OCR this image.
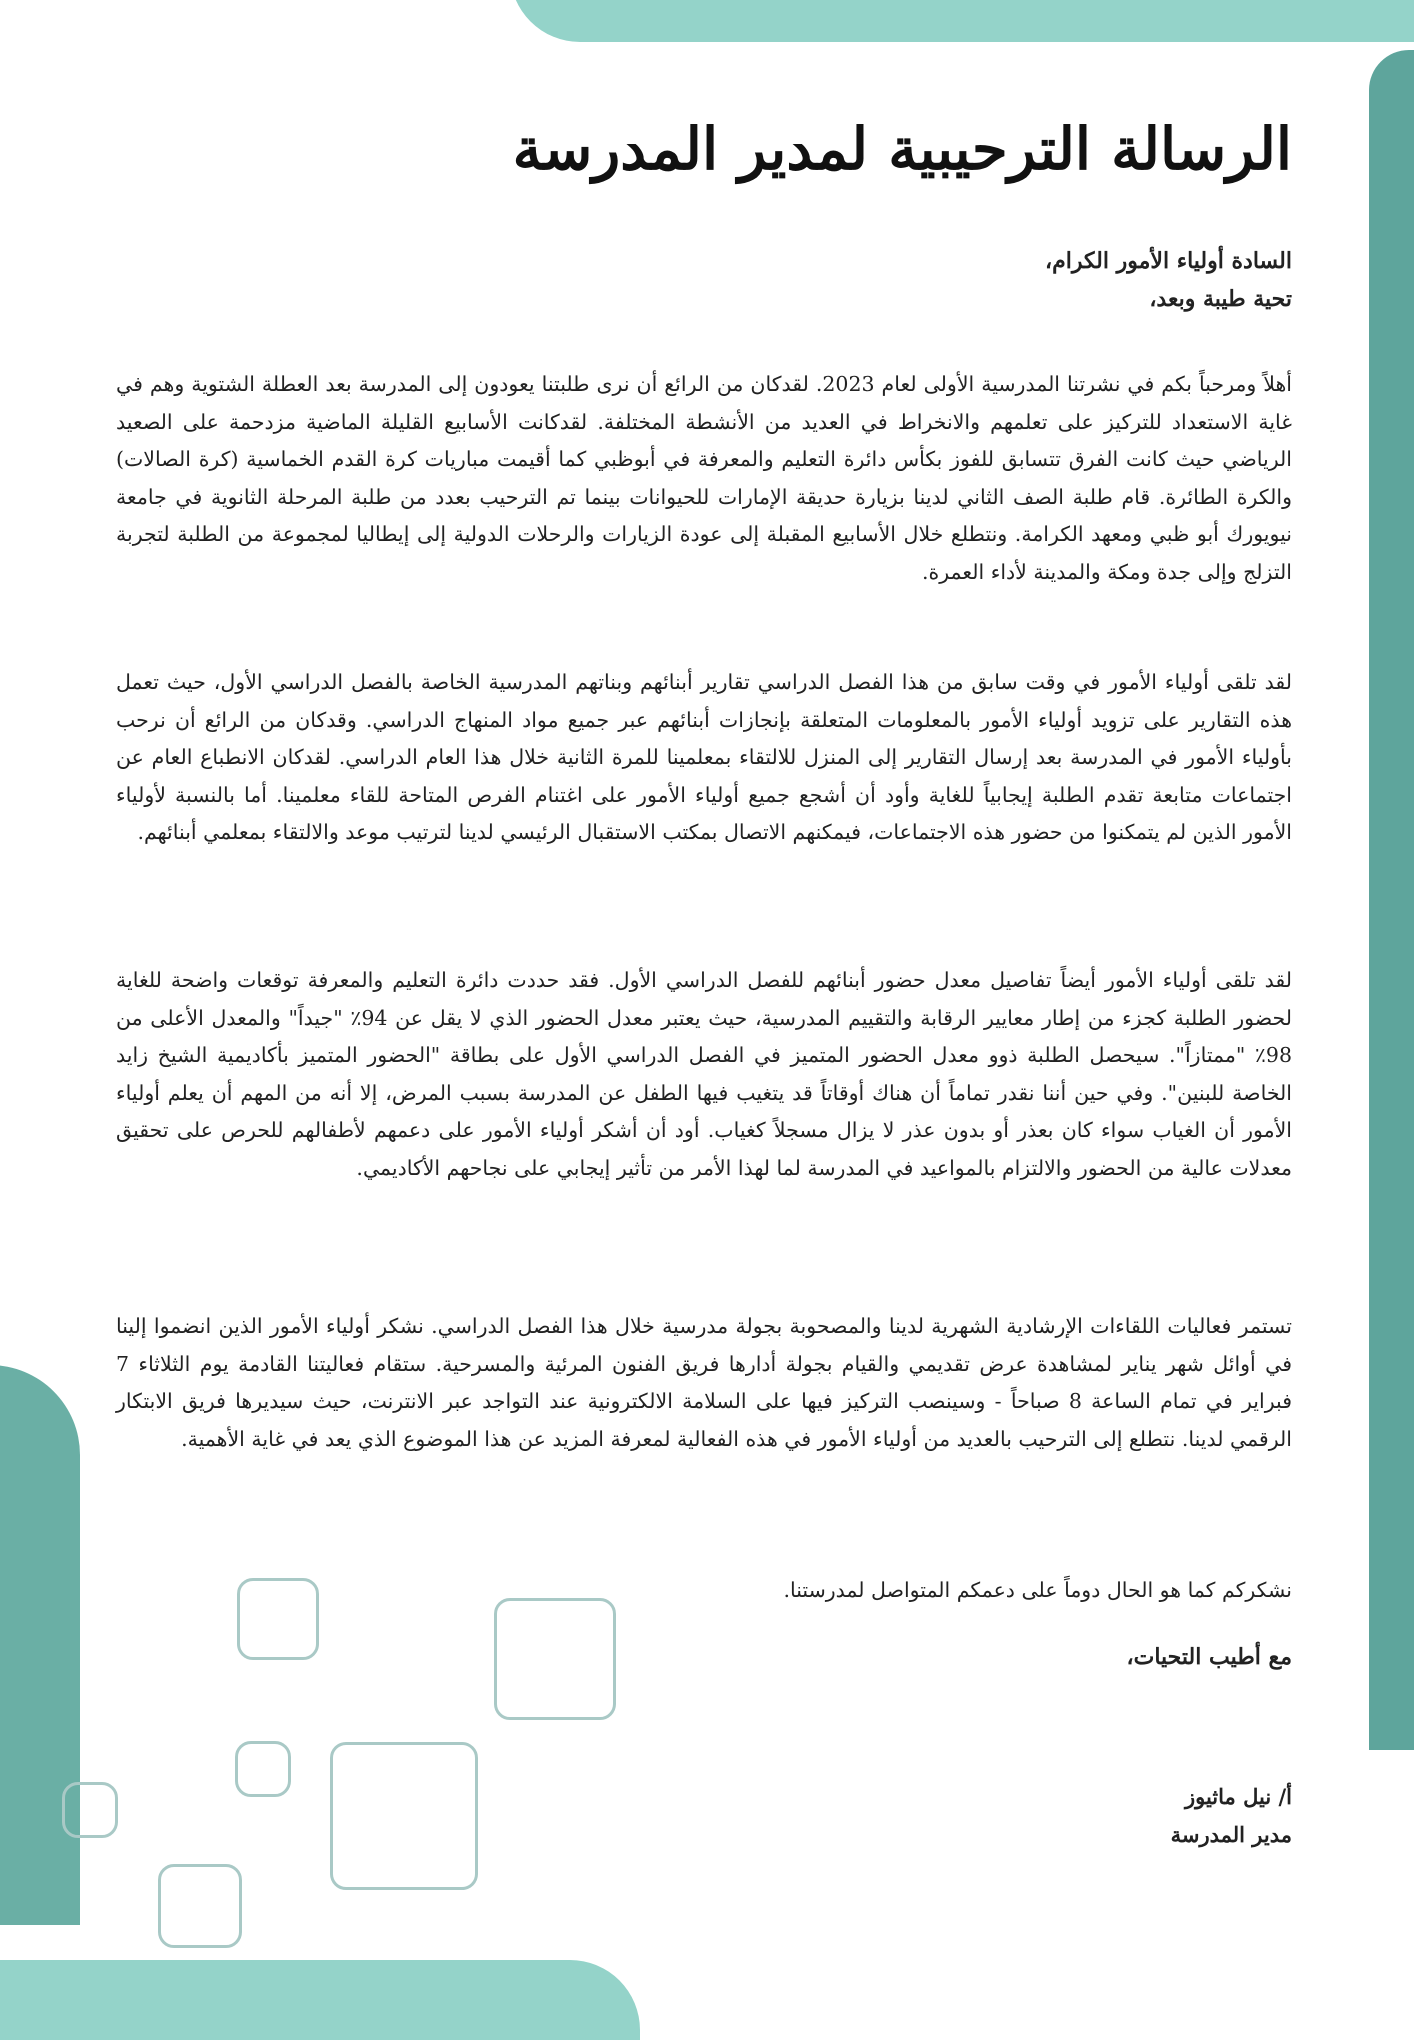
الرسالة الترحيبية لمدير المدرسة

السادة أولياء الأمور الكرام،
تحية طيبة وبعد،

أهلاً ومرحباً بكم في نشرتنا المدرسية الأولى لعام 2023. لقدكان من الرائع أن نرى طلبتنا يعودون إلى المدرسة بعد العطلة الشتوية وهم في غاية الاستعداد للتركيز على تعلمهم والانخراط في العديد من الأنشطة المختلفة. لقدكانت الأسابيع القليلة الماضية مزدحمة على الصعيد الرياضي حيث كانت الفرق تتسابق للفوز بكأس دائرة التعليم والمعرفة في أبوظبي كما أقيمت مباريات كرة القدم الخماسية (كرة الصالات) والكرة الطائرة. قام طلبة الصف الثاني لدينا بزيارة حديقة الإمارات للحيوانات بينما تم الترحيب بعدد من طلبة المرحلة الثانوية في جامعة نيويورك أبو ظبي ومعهد الكرامة. ونتطلع خلال الأسابيع المقبلة إلى عودة الزيارات والرحلات الدولية إلى إيطاليا لمجموعة من الطلبة لتجربة التزلج وإلى جدة ومكة والمدينة لأداء العمرة.

لقد تلقى أولياء الأمور في وقت سابق من هذا الفصل الدراسي تقارير أبنائهم وبناتهم المدرسية الخاصة بالفصل الدراسي الأول، حيث تعمل هذه التقارير على تزويد أولياء الأمور بالمعلومات المتعلقة بإنجازات أبنائهم عبر جميع مواد المنهاج الدراسي. وقدكان من الرائع أن نرحب بأولياء الأمور في المدرسة بعد إرسال التقارير إلى المنزل للالتقاء بمعلمينا للمرة الثانية خلال هذا العام الدراسي. لقدكان الانطباع العام عن اجتماعات متابعة تقدم الطلبة إيجابياً للغاية وأود أن أشجع جميع أولياء الأمور على اغتنام الفرص المتاحة للقاء معلمينا. أما بالنسبة لأولياء الأمور الذين لم يتمكنوا من حضور هذه الاجتماعات، فيمكنهم الاتصال بمكتب الاستقبال الرئيسي لدينا لترتيب موعد والالتقاء بمعلمي أبنائهم.

لقد تلقى أولياء الأمور أيضاً تفاصيل معدل حضور أبنائهم للفصل الدراسي الأول. فقد حددت دائرة التعليم والمعرفة توقعات واضحة للغاية لحضور الطلبة كجزء من إطار معايير الرقابة والتقييم المدرسية، حيث يعتبر معدل الحضور الذي لا يقل عن 94٪ "جيداً" والمعدل الأعلى من 98٪ "ممتازاً". سيحصل الطلبة ذوو معدل الحضور المتميز في الفصل الدراسي الأول على بطاقة "الحضور المتميز بأكاديمية الشيخ زايد الخاصة للبنين". وفي حين أننا نقدر تماماً أن هناك أوقاتاً قد يتغيب فيها الطفل عن المدرسة بسبب المرض، إلا أنه من المهم أن يعلم أولياء الأمور أن الغياب سواء كان بعذر أو بدون عذر لا يزال مسجلاً كغياب. أود أن أشكر أولياء الأمور على دعمهم لأطفالهم للحرص على تحقيق معدلات عالية من الحضور والالتزام بالمواعيد في المدرسة لما لهذا الأمر من تأثير إيجابي على نجاحهم الأكاديمي.

تستمر فعاليات اللقاءات الإرشادية الشهرية لدينا والمصحوبة بجولة مدرسية خلال هذا الفصل الدراسي. نشكر أولياء الأمور الذين انضموا إلينا في أوائل شهر يناير لمشاهدة عرض تقديمي والقيام بجولة أدارها فريق الفنون المرئية والمسرحية. ستقام فعاليتنا القادمة يوم الثلاثاء 7 فبراير في تمام الساعة 8 صباحاً - وسينصب التركيز فيها على السلامة الالكترونية عند التواجد عبر الانترنت، حيث سيديرها فريق الابتكار الرقمي لدينا. نتطلع إلى الترحيب بالعديد من أولياء الأمور في هذه الفعالية لمعرفة المزيد عن هذا الموضوع الذي يعد في غاية الأهمية.

نشكركم كما هو الحال دوماً على دعمكم المتواصل لمدرستنا.

مع أطيب التحيات،

أ/ نيل ماثيوز
مدير المدرسة
